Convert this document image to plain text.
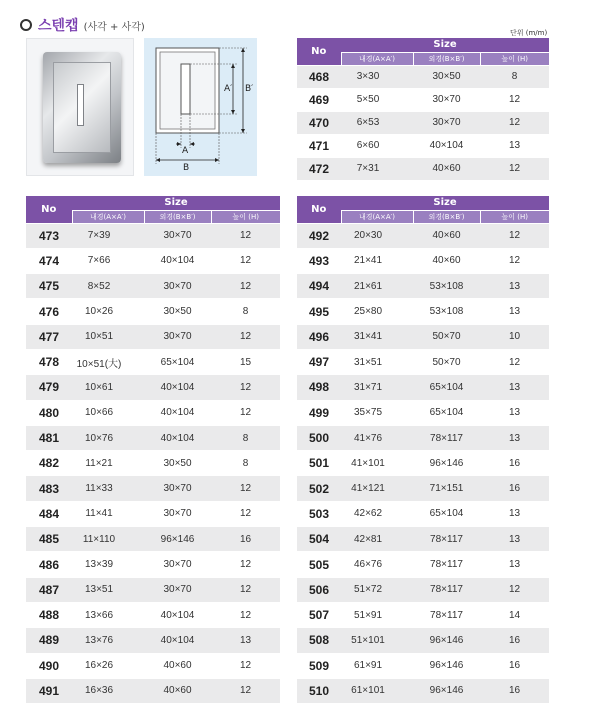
스텐캡 (사각 + 사각)
A
B
A′ B′
단위 (m/m)
No	Size		
	내경(A×A′)	외경(B×B′)	높이 (H)
468	3×30	30×50	8
469	5×50	30×70	12
470	6×53	30×70	12
471	6×60	40×104	13
472	7×31	40×60	12
No	Size		
	내경(A×A′)	외경(B×B′)	높이 (H)
473	7×39	30×70	12
474	7×66	40×104	12
475	8×52	30×70	12
476	10×26	30×50	8
477	10×51	30×70	12
478	10×51(大)	65×104	15
479	10×61	40×104	12
480	10×66	40×104	12
481	10×76	40×104	8
482	11×21	30×50	8
483	11×33	30×70	12
484	11×41	30×70	12
485	11×110	96×146	16
486	13×39	30×70	12
487	13×51	30×70	12
488	13×66	40×104	12
489	13×76	40×104	13
490	16×26	40×60	12
491	16×36	40×60	12
No	Size		
	내경(A×A′)	외경(B×B′)	높이 (H)
492	20×30	40×60	12
493	21×41	40×60	12
494	21×61	53×108	13
495	25×80	53×108	13
496	31×41	50×70	10
497	31×51	50×70	12
498	31×71	65×104	13
499	35×75	65×104	13
500	41×76	78×117	13
501	41×101	96×146	16
502	41×121	71×151	16
503	42×62	65×104	13
504	42×81	78×117	13
505	46×76	78×117	13
506	51×72	78×117	12
507	51×91	78×117	14
508	51×101	96×146	16
509	61×91	96×146	16
510	61×101	96×146	16
